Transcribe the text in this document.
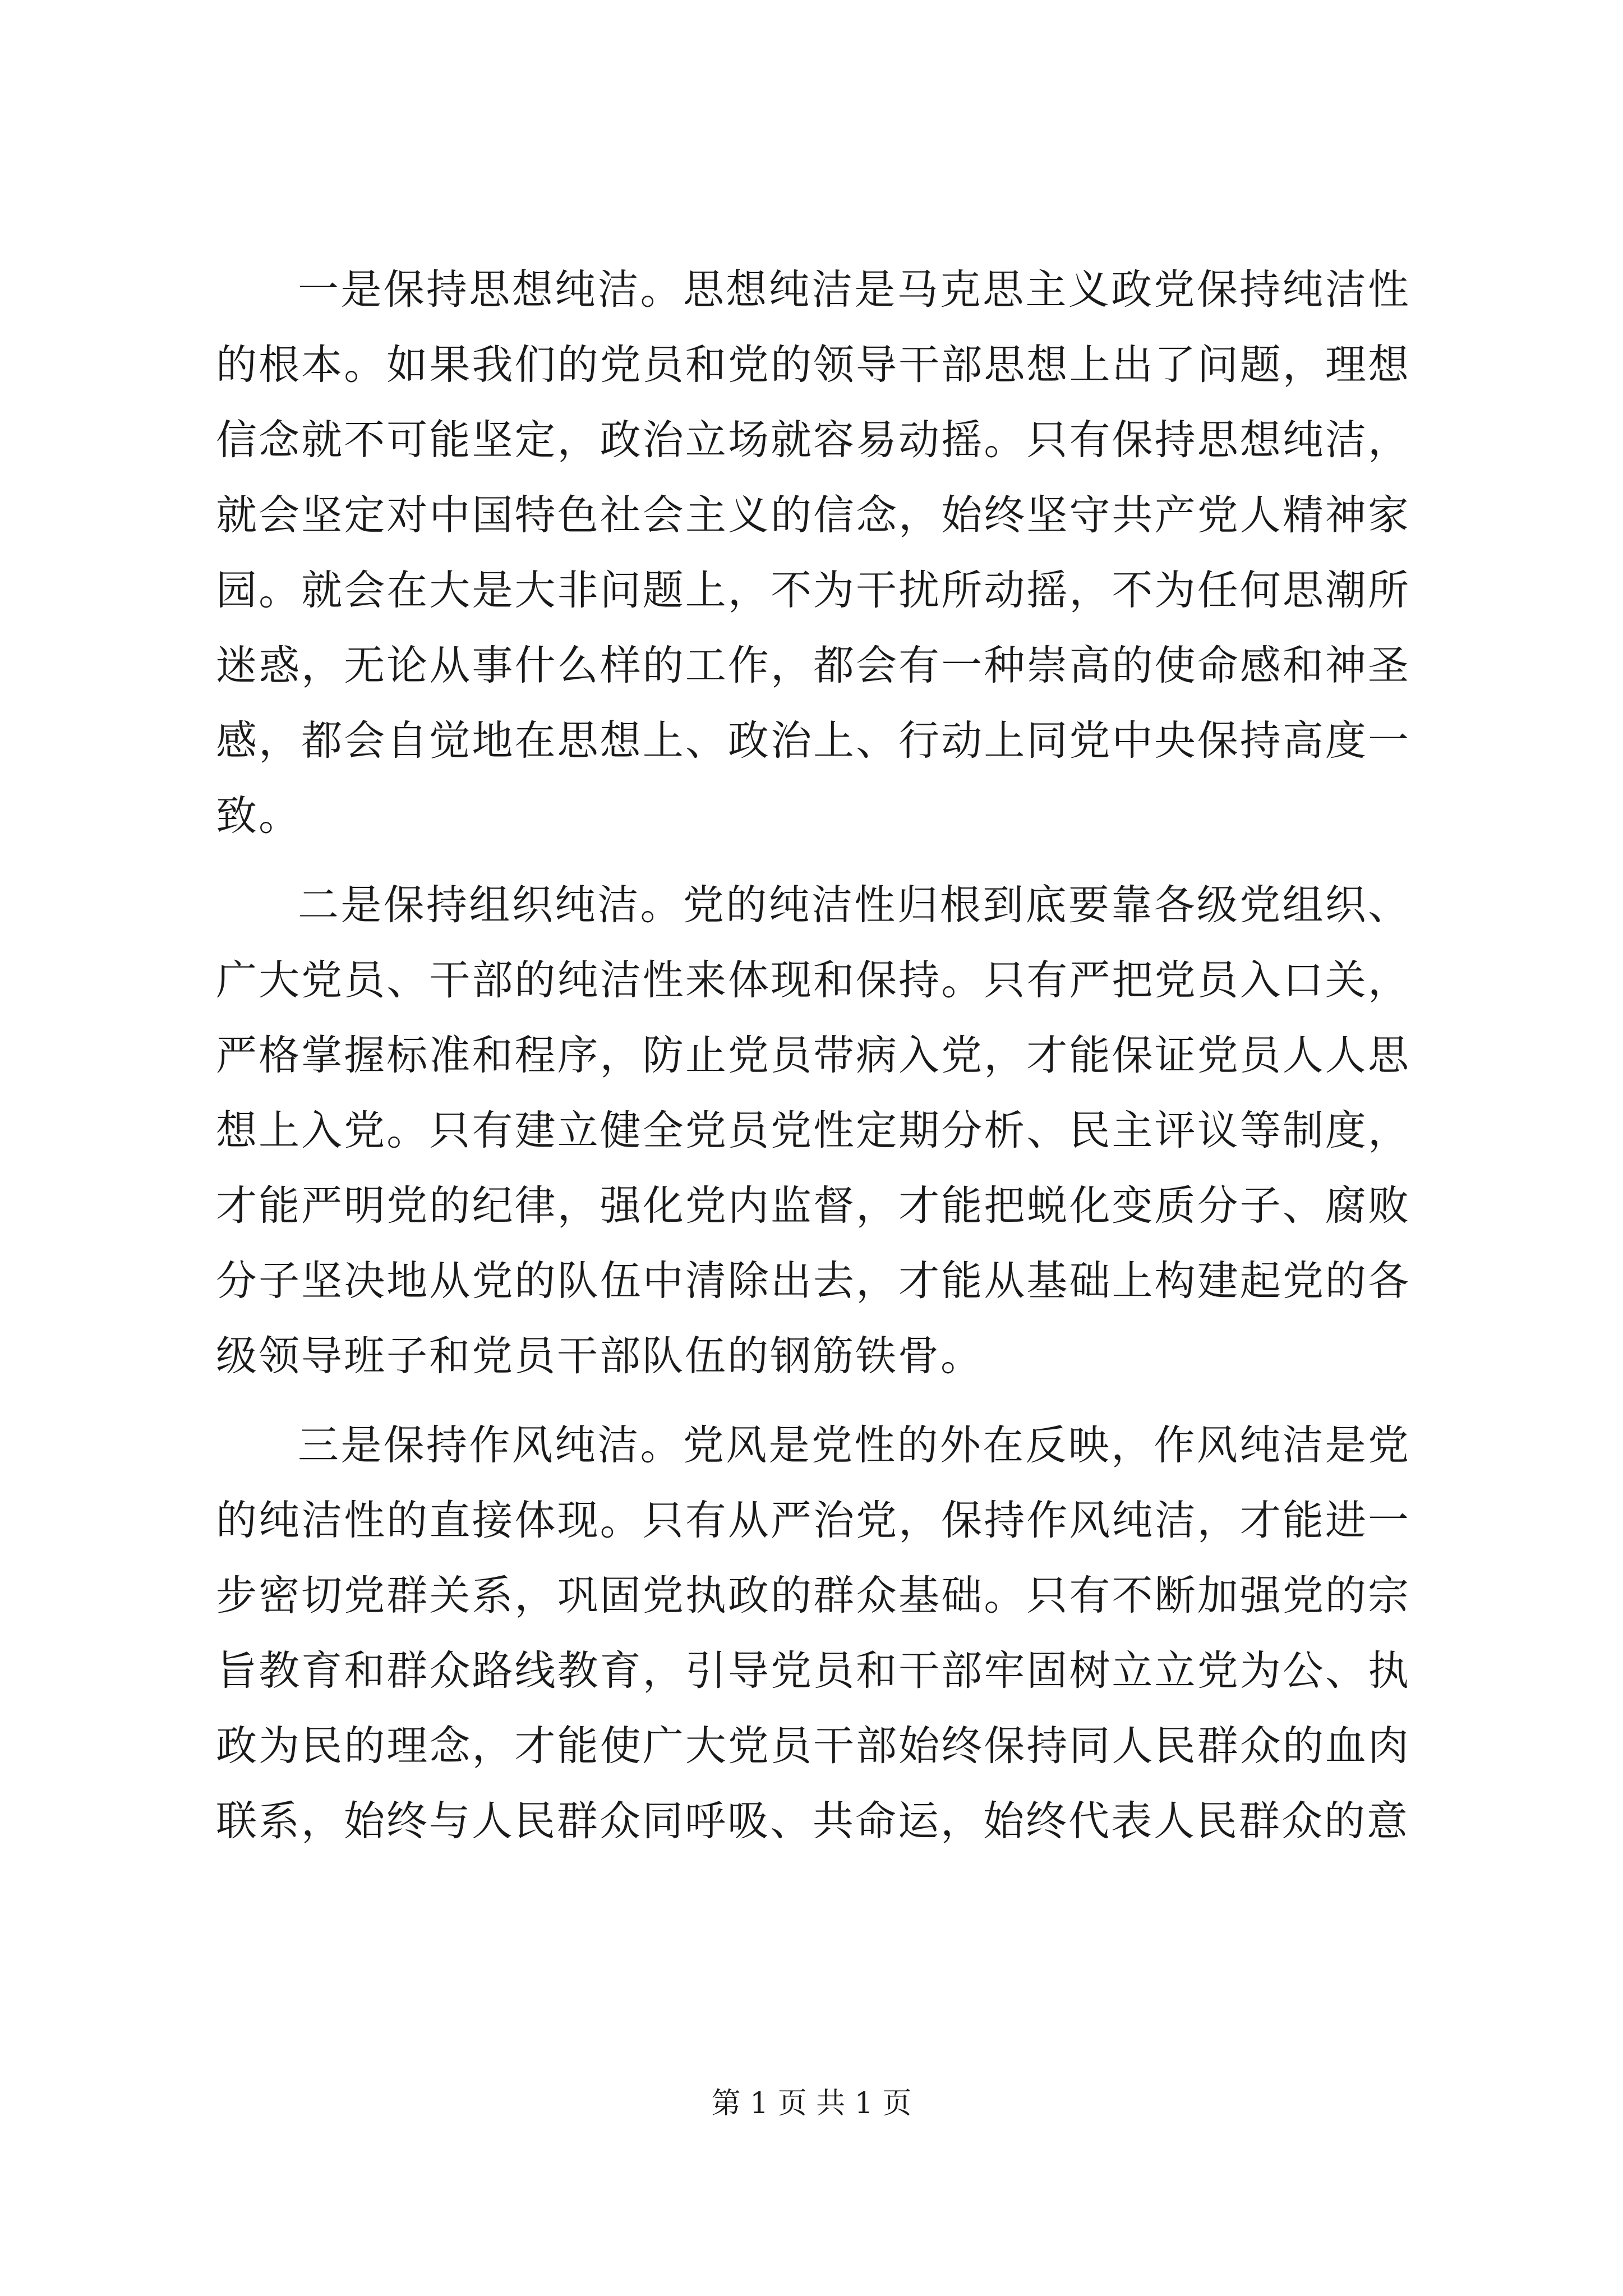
一是保持思想纯洁。思想纯洁是马克思主义政党保持纯洁性的根本。如果我们的党员和党的领导干部思想上出了问题，理想信念就不可能坚定，政治立场就容易动摇。只有保持思想纯洁，就会坚定对中国特色社会主义的信念，始终坚守共产党人精神家园。就会在大是大非问题上，不为干扰所动摇，不为任何思潮所迷惑，无论从事什么样的工作，都会有一种崇高的使命感和神圣感，都会自觉地在思想上、政治上、行动上同党中央保持高度一致。

二是保持组织纯洁。党的纯洁性归根到底要靠各级党组织、广大党员、干部的纯洁性来体现和保持。只有严把党员入口关，严格掌握标准和程序，防止党员带病入党，才能保证党员人人思想上入党。只有建立健全党员党性定期分析、民主评议等制度，才能严明党的纪律，强化党内监督，才能把蜕化变质分子、腐败分子坚决地从党的队伍中清除出去，才能从基础上构建起党的各级领导班子和党员干部队伍的钢筋铁骨。

三是保持作风纯洁。党风是党性的外在反映，作风纯洁是党的纯洁性的直接体现。只有从严治党，保持作风纯洁，才能进一步密切党群关系，巩固党执政的群众基础。只有不断加强党的宗旨教育和群众路线教育，引导党员和干部牢固树立立党为公、执政为民的理念，才能使广大党员干部始终保持同人民群众的血肉联系，始终与人民群众同呼吸、共命运，始终代表人民群众的意

第 1 页 共 1 页
